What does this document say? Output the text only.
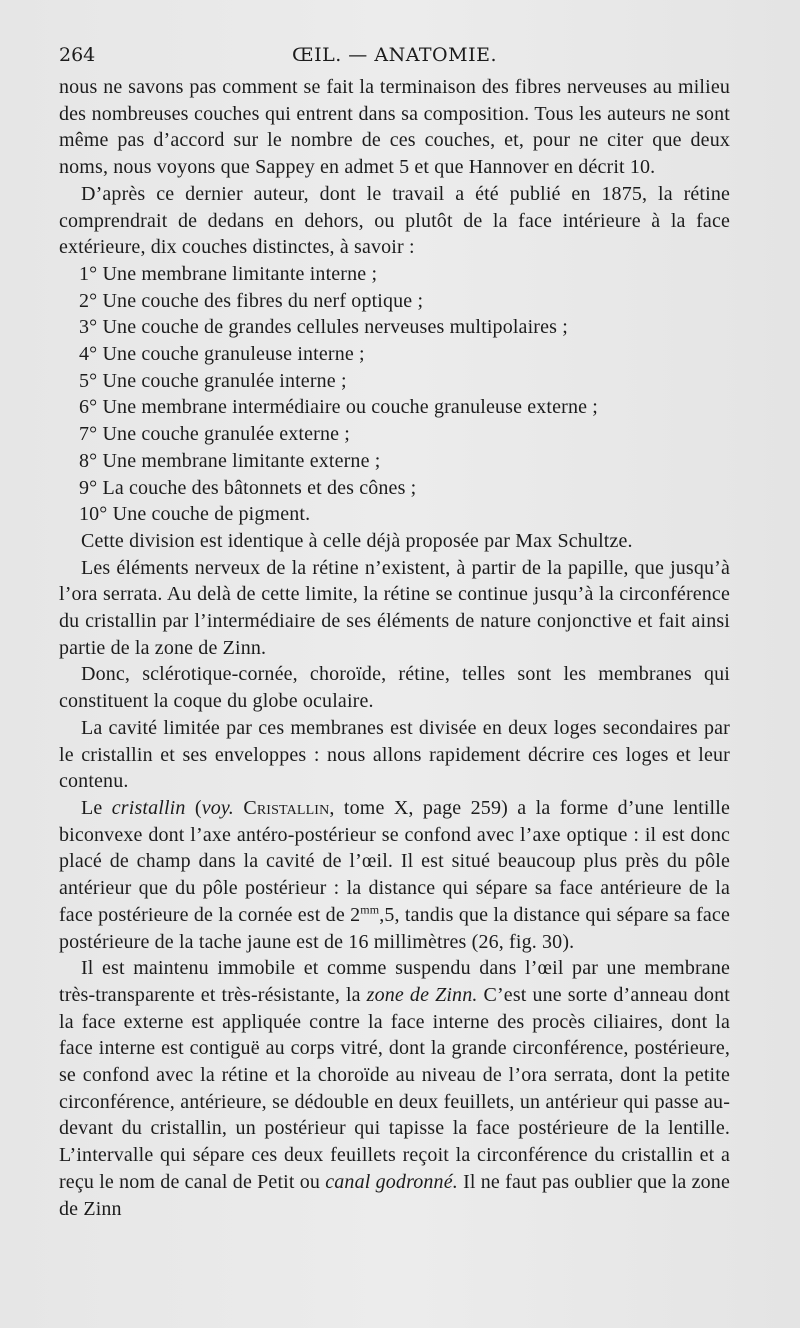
264	ŒIL. — ANATOMIE.

nous ne savons pas comment se fait la terminaison des fibres nerveuses au milieu des nombreuses couches qui entrent dans sa composition. Tous les auteurs ne sont même pas d’accord sur le nombre de ces couches, et, pour ne citer que deux noms, nous voyons que Sappey en admet 5 et que Hannover en décrit 10.

D’après ce dernier auteur, dont le travail a été publié en 1875, la rétine comprendrait de dedans en dehors, ou plutôt de la face intérieure à la face extérieure, dix couches distinctes, à savoir :

1° Une membrane limitante interne ;

2° Une couche des fibres du nerf optique ;

3° Une couche de grandes cellules nerveuses multipolaires ;

4° Une couche granuleuse interne ;

5° Une couche granulée interne ;

6° Une membrane intermédiaire ou couche granuleuse externe ;

7° Une couche granulée externe ;

8° Une membrane limitante externe ;

9° La couche des bâtonnets et des cônes ;

10° Une couche de pigment.

Cette division est identique à celle déjà proposée par Max Schultze.

Les éléments nerveux de la rétine n’existent, à partir de la papille, que jusqu’à l’ora serrata. Au delà de cette limite, la rétine se continue jusqu’à la circonférence du cristallin par l’intermédiaire de ses éléments de nature conjonctive et fait ainsi partie de la zone de Zinn.

Donc, sclérotique-cornée, choroïde, rétine, telles sont les membranes qui constituent la coque du globe oculaire.

La cavité limitée par ces membranes est divisée en deux loges secondaires par le cristallin et ses enveloppes : nous allons rapidement décrire ces loges et leur contenu.

Le cristallin (voy. Cristallin, tome X, page 259) a la forme d’une lentille biconvexe dont l’axe antéro-postérieur se confond avec l’axe optique : il est donc placé de champ dans la cavité de l’œil. Il est situé beaucoup plus près du pôle antérieur que du pôle postérieur : la distance qui sépare sa face antérieure de la face postérieure de la cornée est de $2^{mm},5$, tandis que la distance qui sépare sa face postérieure de la tache jaune est de 16 millimètres (26, fig. 30).

Il est maintenu immobile et comme suspendu dans l’œil par une membrane très-transparente et très-résistante, la zone de Zinn. C’est une sorte d’anneau dont la face externe est appliquée contre la face interne des procès ciliaires, dont la face interne est contiguë au corps vitré, dont la grande circonférence, postérieure, se confond avec la rétine et la choroïde au niveau de l’ora serrata, dont la petite circonférence, antérieure, se dédouble en deux feuillets, un antérieur qui passe au-devant du cristallin, un postérieur qui tapisse la face postérieure de la lentille. L’intervalle qui sépare ces deux feuillets reçoit la circonférence du cristallin et a reçu le nom de canal de Petit ou canal godronné. Il ne faut pas oublier que la zone de Zinn
